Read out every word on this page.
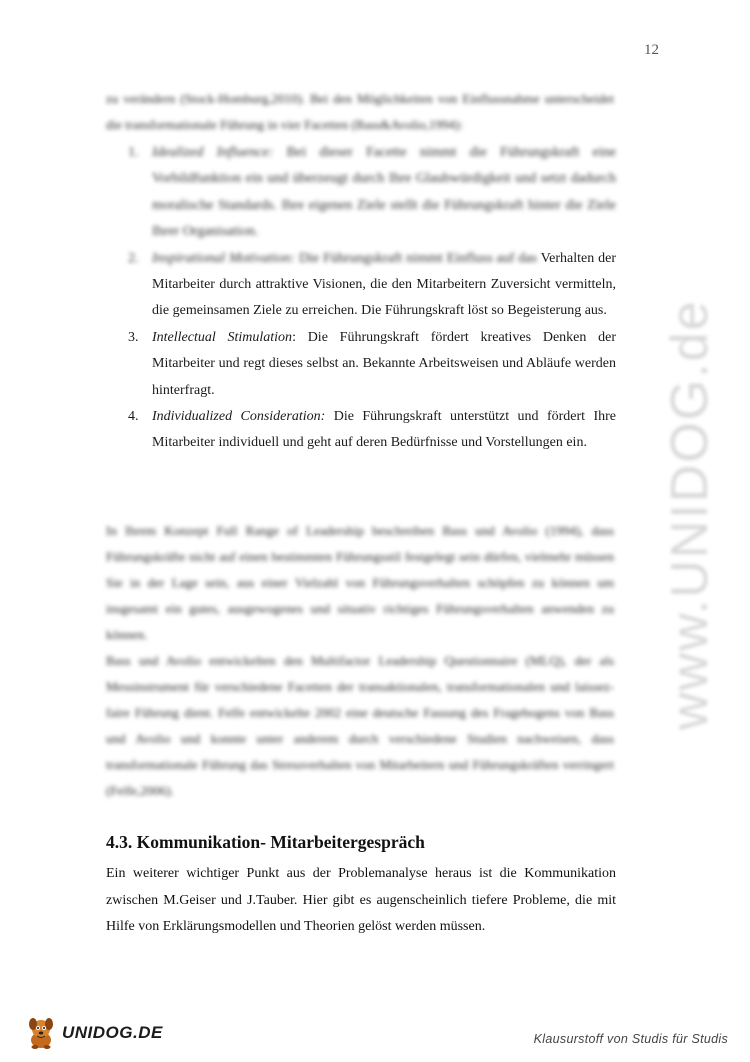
12

zu verändern (Stock-Homburg,2010). Bei den Möglichkeiten von Einflussnahme unterscheidet die transformationale Führung in vier Facetten (Bass&Avolio,1994):

1. Idealized Influence: Bei dieser Facette nimmt die Führungskraft eine Vorbildfunktion ein und überzeugt durch Ihre Glaubwürdigkeit und setzt dadurch moralische Standards. Ihre eigenen Ziele stellt die Führungskraft hinter die Ziele Ihrer Organisation.
2. Inspirational Motivation: Die Führungskraft nimmt Einfluss auf das Verhalten der Mitarbeiter durch attraktive Visionen, die den Mitarbeitern Zuversicht vermitteln, die gemeinsamen Ziele zu erreichen. Die Führungskraft löst so Begeisterung aus.
3. Intellectual Stimulation: Die Führungskraft fördert kreatives Denken der Mitarbeiter und regt dieses selbst an. Bekannte Arbeitsweisen und Abläufe werden hinterfragt.
4. Individualized Consideration: Die Führungskraft unterstützt und fördert Ihre Mitarbeiter individuell und geht auf deren Bedürfnisse und Vorstellungen ein.

In Ihrem Konzept Full Range of Leadership beschreiben Bass und Avolio (1994), dass Führungskräfte nicht auf einen bestimmten Führungsstil festgelegt sein dürfen, vielmehr müssen Sie in der Lage sein, aus einer Vielzahl von Führungsverhalten schöpfen zu können um insgesamt ein gutes, ausgewogenes und situativ richtiges Führungsverhalten anwenden zu können.

Bass und Avolio entwickelten den Multifactor Leadership Questionnaire (MLQ), der als Messinstrument für verschiedene Facetten der transaktionalen, transformationalen und laissez-faire Führung dient. Felfe entwickelte 2002 eine deutsche Fassung des Fragebogens von Bass und Avolio und konnte unter anderem durch verschiedene Studien nachweisen, dass transformationale Führung das Stressverhalten von Mitarbeitern und Führungskräften verringert (Felfe,2006).

www.UNIDOG.de
4.3. Kommunikation- Mitarbeitergespräch

Ein weiterer wichtiger Punkt aus der Problemanalyse heraus ist die Kommunikation zwischen M.Geiser und J.Tauber. Hier gibt es augenscheinlich tiefere Probleme, die mit Hilfe von Erklärungsmodellen und Theorien gelöst werden müssen.

UNIDOG.DE	Klausurstoff von Studis für Studis
